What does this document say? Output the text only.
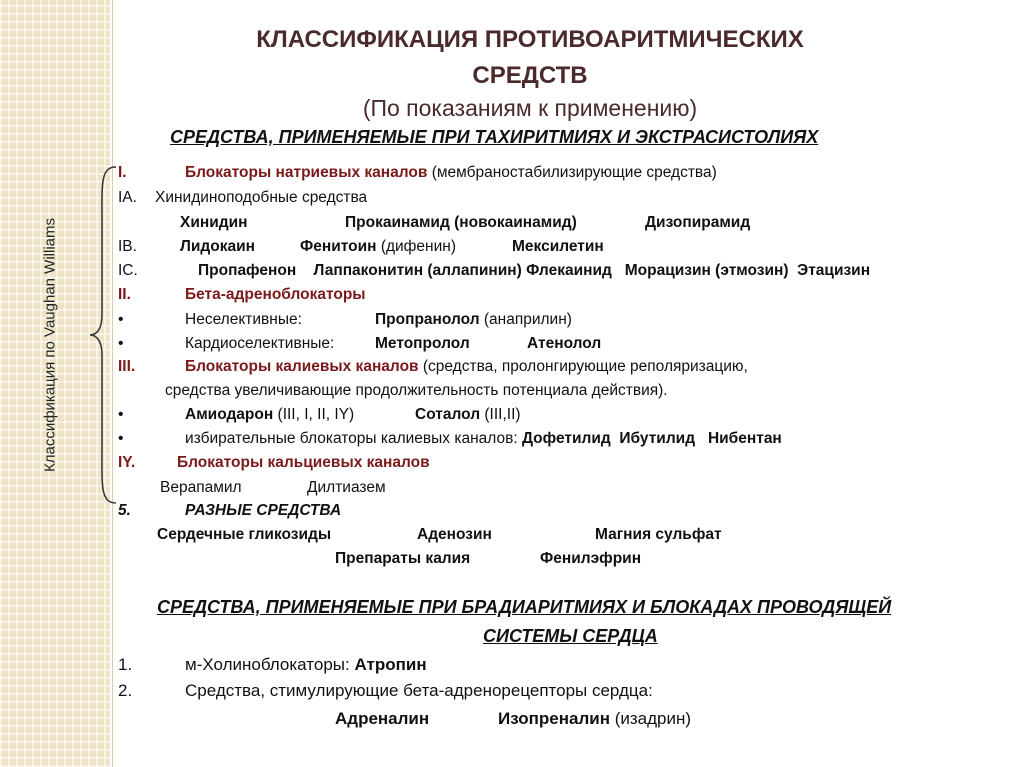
Классификация по Vaughan Williams
КЛАССИФИКАЦИЯ ПРОТИВОАРИТМИЧЕСКИХ
СРЕДСТВ
(По показаниям к применению)
СРЕДСТВА, ПРИМЕНЯЕМЫЕ ПРИ ТАХИРИТМИЯХ И ЭКСТРАСИСТОЛИЯХ
I.	Блокаторы натриевых каналов (мембраностабилизирующие средства)
IA. Хинидиноподобные средства
Хинидин	Прокаинамид (новокаинамид)	Дизопирамид
IB.	Лидокаин	Фенитоин (дифенин)	Мексилетин
IC.	Пропафенон    Лаппаконитин (аллапинин) Флекаинид   Морацизин (этмозин)  Этацизин
II.	Бета-адреноблокаторы
•	Неселективные:	Пропранолол (анаприлин)
•	Кардиоселективные:	Метопролол	Атенолол
III.	Блокаторы калиевых каналов (средства, пролонгирующие реполяризацию,
средства увеличивающие продолжительность потенциала действия).
•	Амиодарон (III, I, II, IY)	Соталол (III,II)
•	избирательные блокаторы калиевых каналов: Дофетилид  Ибутилид   Нибентан
IY.	Блокаторы кальциевых каналов
Верапамил	Дилтиазем
5.	РАЗНЫЕ СРЕДСТВА
Сердечные гликозиды	Аденозин	Магния сульфат
Препараты калия	Фенилэфрин
СРЕДСТВА, ПРИМЕНЯЕМЫЕ ПРИ БРАДИАРИТМИЯХ И БЛОКАДАХ ПРОВОДЯЩЕЙ
СИСТЕМЫ СЕРДЦА
1.	м-Холиноблокаторы: Атропин
2.	Средства, стимулирующие бета-адренорецепторы сердца:
Адреналин	Изопреналин (изадрин)
